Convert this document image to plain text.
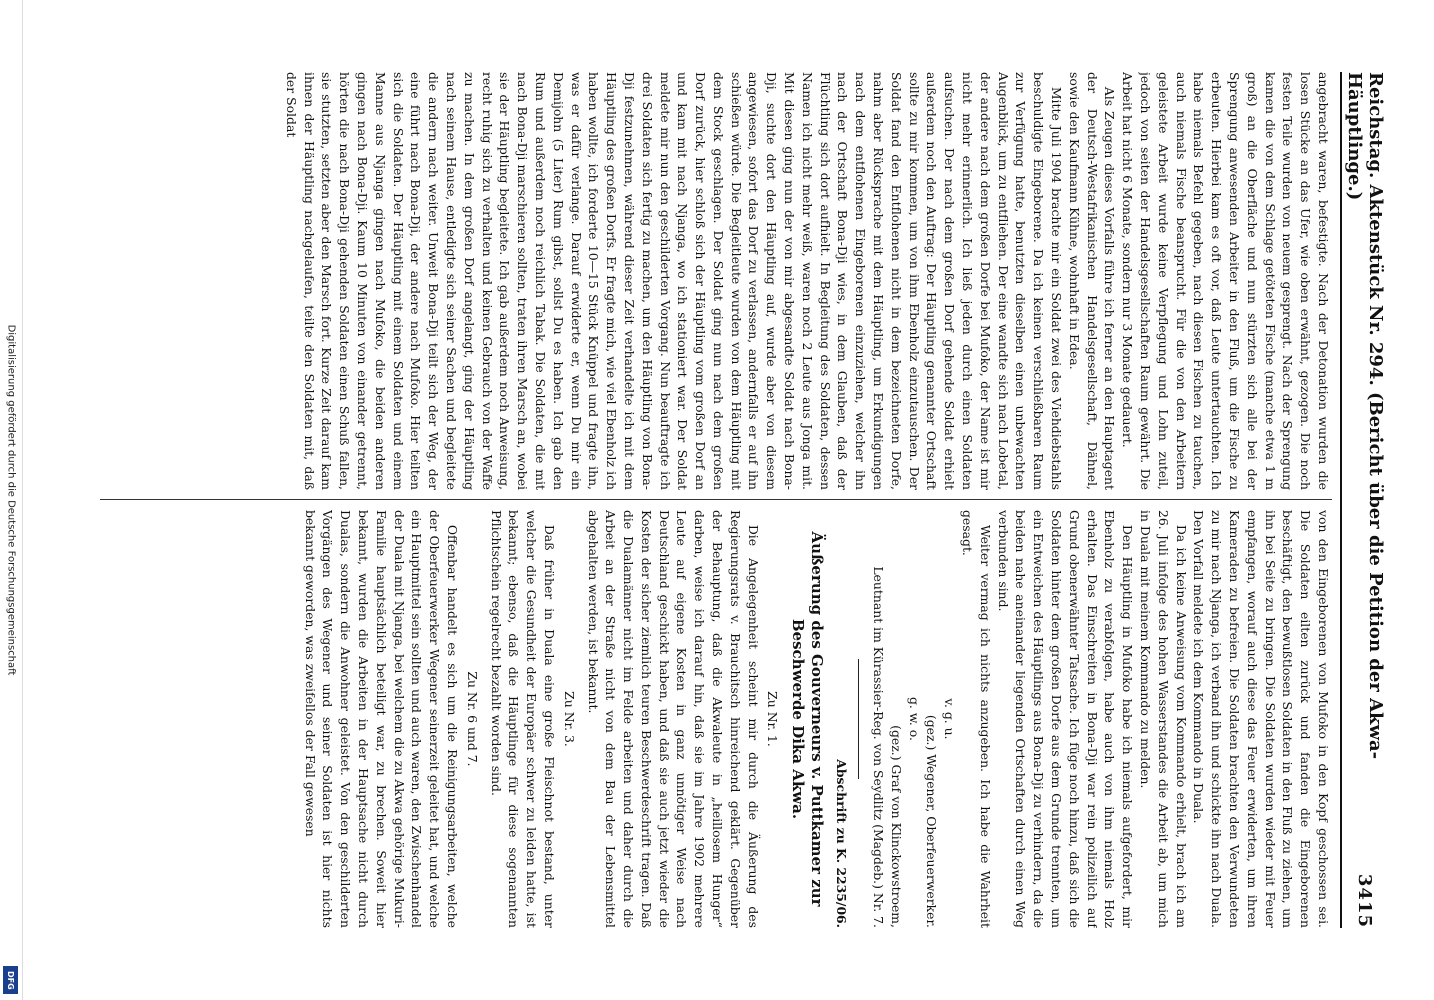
Digitalisierung gefördert durch die Deutsche Forschungsgemeinschaft
DFG
Reichstag. Aktenstück Nr. 294. (Bericht über die Petition der Akwa-Häuptlinge.)
3415

angebracht waren, befestigte. Nach der Detonation wurden die losen Stücke an das Ufer, wie oben erwähnt, gezogen. Die noch festen Teile wurden von neuem gesprengt. Nach der Sprengung kamen die von dem Schlage getöteten Fische (manche etwa 1 m groß) an die Oberfläche und nun stürzten sich alle bei der Sprengung anwesenden Arbeiter in den Fluß, um die Fische zu erbeuten. Hierbei kam es oft vor, daß Leute untertauchten. Ich habe niemals Befehl gegeben, nach diesen Fischen zu tauchen, auch niemals Fische beansprucht. Für die von den Arbeitern geleistete Arbeit wurde keine Verpflegung und Lohn zuteil, jedoch von seiten der Handelsgesellschaften Raum gewährt. Die Arbeit hat nicht 6 Monate, sondern nur 3 Monate gedauert.

Als Zeugen dieses Vorfalls führe ich ferner an den Hauptagent der Deutsch-Westafrikanischen Handelsgesellschaft, Dähnel, sowie den Kaufmann Kühne, wohnhaft in Edea.

Mitte Juli 1904 brachte mir ein Soldat zwei des Viehdiebstahls beschuldigte Eingeborene. Da ich keinen verschließbaren Raum zur Verfügung hatte, benutzten dieselben einen unbewachten Augenblick, um zu entfliehen. Der eine wandte sich nach Lobetal, der andere nach dem großen Dorfe bei Mufoko, der Name ist mir nicht mehr erinnerlich. Ich ließ jeden durch einen Soldaten aufsuchen. Der nach dem großen Dorf gehende Soldat erhielt außerdem noch den Auftrag: Der Häuptling genannter Ortschaft sollte zu mir kommen, um von ihm Ebenholz einzutauschen. Der Soldat fand den Entflohenen nicht in dem bezeichneten Dorfe, nahm aber Rücksprache mit dem Häuptling, um Erkundigungen nach dem entflohenen Eingeborenen einzuziehen, welcher ihn nach der Ortschaft Bona-Dji wies, in dem Glauben, daß der Flüchtling sich dort aufhielt. In Begleitung des Soldaten, dessen Namen ich nicht mehr weiß, waren noch 2 Leute aus Jonga mit. Mit diesen ging nun der von mir abgesandte Soldat nach Bona-Dji, suchte dort den Häuptling auf, wurde aber von diesem angewiesen, sofort das Dorf zu verlassen, andernfalls er auf ihn schießen würde. Die Begleitleute wurden von dem Häuptling mit dem Stock geschlagen. Der Soldat ging nun nach dem großen Dorf zurück, hier schloß sich der Häuptling vom großen Dorf an und kam mit nach Njanga, wo ich stationiert war. Der Soldat meldete mir nun den geschilderten Vorgang. Nun beauftragte ich drei Soldaten sich fertig zu machen, um den Häuptling von Bona-Dji festzunehmen, während dieser Zeit verhandelte ich mit dem Häuptling des großen Dorfs. Er fragte mich, wie viel Ebenholz ich haben wollte, ich forderte 10—15 Stück Knüppel und fragte ihn, was er dafür verlange. Darauf erwiderte er, wenn Du mir ein Demijohn (5 Liter) Rum gibst, sollst Du es haben. Ich gab den Rum und außerdem noch reichlich Tabak. Die Soldaten, die mit nach Bona-Dji marschieren sollten, traten ihren Marsch an, wobei sie der Häuptling begleitete. Ich gab außerdem noch Anweisung, recht ruhig sich zu verhalten und keinen Gebrauch von der Waffe zu machen. In dem großen Dorf angelangt, ging der Häuptling nach seinem Hause, entledigte sich seiner Sachen und begleitete die andern nach weiter. Unweit Bona-Dji teilt sich der Weg, der eine führt nach Bona-Dji, der andere nach Mufoko. Hier teilten sich die Soldaten. Der Häuptling mit einem Soldaten und einem Manne aus Njanga gingen nach Mufoko, die beiden anderen gingen nach Bona-Dji. Kaum 10 Minuten von einander getrennt, hörten die nach Bona-Dji gehenden Soldaten einen Schuß fallen, sie stutzten, setzten aber den Marsch fort. Kurze Zeit darauf kam ihnen der Häuptling nachgelaufen, teilte den Soldaten mit, daß der Soldat

von den Eingeborenen von Mufoko in den Kopf geschossen sei. Die Soldaten eilten zurück und fanden die Eingeborenen beschäftigt, den bewußtlosen Soldaten in den Fluß zu ziehen, um ihn bei Seite zu bringen. Die Soldaten wurden wieder mit Feuer empfangen, worauf auch diese das Feuer erwiderten, um ihren Kameraden zu befreien. Die Soldaten brachten den Verwundeten zu mir nach Njanga, ich verband ihn und schickte ihn nach Duala. Den Vorfall meldete ich dem Kommando in Duala.

Da ich keine Anweisung vom Kommando erhielt, brach ich am 26. Juli infolge des hohen Wasserstandes die Arbeit ab, um mich in Duala mit meinem Kommando zu melden.

Den Häuptling in Mufoko habe ich niemals aufgefordert, mir Ebenholz zu verabfolgen, habe auch von ihm niemals Holz erhalten. Das Einschreiten in Bona-Dji war rein polizeilich auf Grund obenerwähnter Tatsache. Ich füge noch hinzu, daß sich die Soldaten hinter dem großen Dorfe aus dem Grunde trennten, um ein Entweichen des Häuptlings aus Bona-Dji zu verhindern, da die beiden nahe aneinander liegenden Ortschaften durch einen Weg verbunden sind.

Weiter vermag ich nichts anzugeben. Ich habe die Wahrheit gesagt.

v. g. u.

(gez.) Wegener, Oberfeuerwerker.

g. w. o.

(gez.) Graf von Klinckowstroem,

Leutnant im Kürassier-Reg. von Seydlitz (Magdeb.) Nr. 7.

Abschrift zu K. 2235/06.

Äußerung des Gouverneurs v. Puttkamer zur Beschwerde Dika Akwa.

Zu Nr. 1.

Die Angelegenheit scheint mir durch die Äußerung des Regierungsrats v. Brauchitsch hinreichend geklärt. Gegenüber der Behauptung, daß die Akwaleute in „heillosem Hunger“ darben, weise ich darauf hin, daß sie im Jahre 1902 mehrere Leute auf eigene Kosten in ganz unnötiger Weise nach Deutschland geschickt haben, und daß sie auch jetzt wieder die Kosten der sicher ziemlich teuren Beschwerdeschrift tragen. Daß die Dualamänner nicht im Felde arbeiten und daher durch die Arbeit an der Straße nicht von dem Bau der Lebensmittel abgehalten werden, ist bekannt.

Zu Nr. 3.

Daß früher in Duala eine große Fleischnot bestand, unter welcher die Gesundheit der Europäer schwer zu leiden hatte, ist bekannt; ebenso, daß die Häuptlinge für diese sogenannten Pflichtschein regelrecht bezahlt worden sind.

Zu Nr. 6 und 7.

Offenbar handelt es sich um die Reinigungsarbeiten, welche der Oberfeuerwerker Wegener seinerzeit geleitet hat, und welche ein Hauptmittel sein sollten und auch waren, den Zwischenhandel der Duala mit Njanga, bei welchem die zu Akwa gehörige Mukuri-Familie hauptsächlich beteiligt war, zu brechen. Soweit hier bekannt, wurden die Arbeiten in der Hauptsache nicht durch Dualas, sondern die Anwohner geleistet. Von den geschilderten Vorgängen des Wegener und seiner Soldaten ist hier nichts bekannt geworden, was zweifellos der Fall gewesen
